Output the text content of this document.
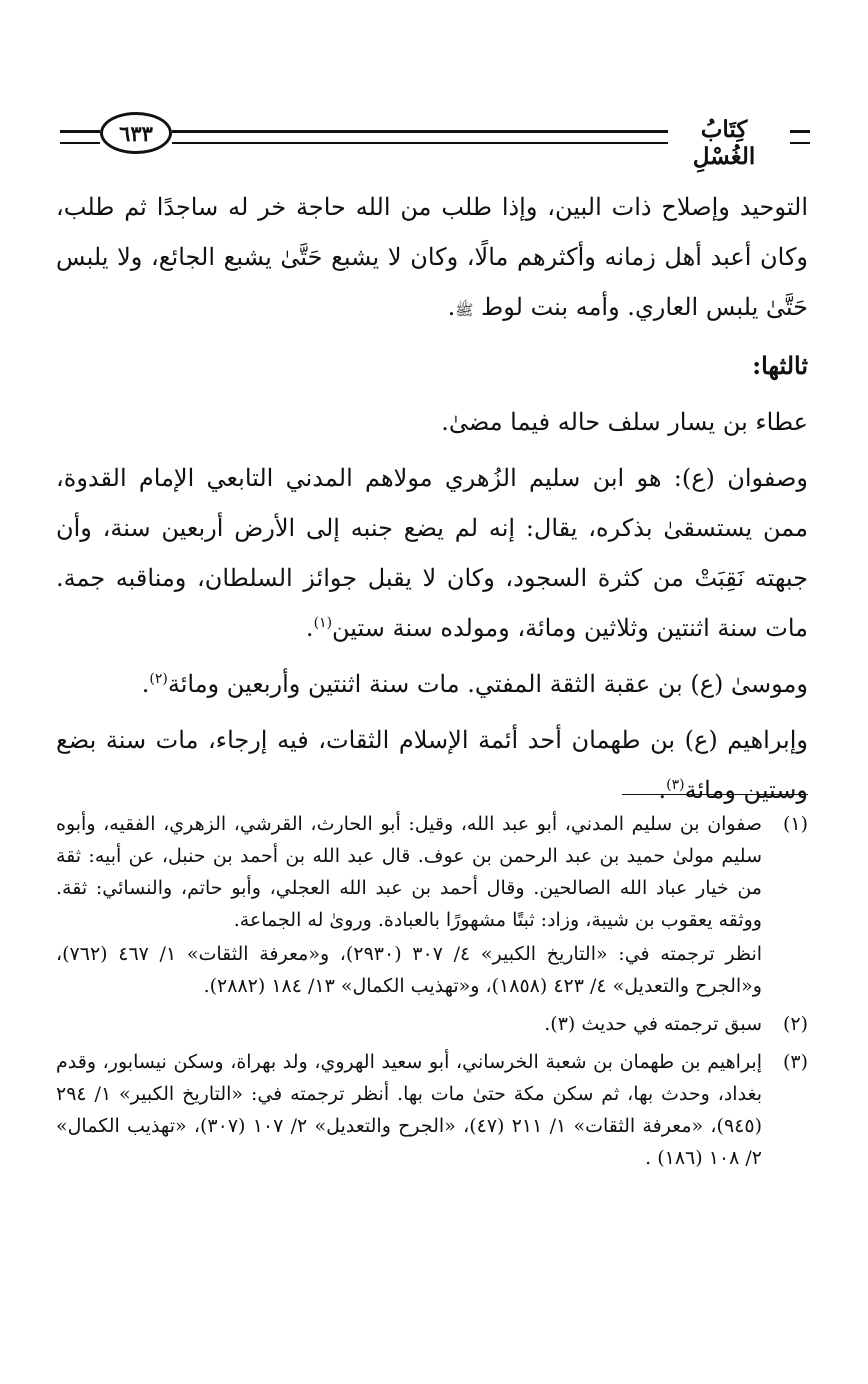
٦٣٣	كِتَابُ الغُسْلِ

التوحيد وإصلاح ذات البين، وإذا طلب من الله حاجة خر له ساجدًا ثم طلب، وكان أعبد أهل زمانه وأكثرهم مالًا، وكان لا يشبع حَتَّىٰ يشبع الجائع، ولا يلبس حَتَّىٰ يلبس العاري. وأمه بنت لوط ﷺ.

ثالثها:

عطاء بن يسار سلف حاله فيما مضىٰ.

وصفوان (ع): هو ابن سليم الزُهري مولاهم المدني التابعي الإمام القدوة، ممن يستسقىٰ بذكره، يقال: إنه لم يضع جنبه إلى الأرض أربعين سنة، وأن جبهته نَقِبَتْ من كثرة السجود، وكان لا يقبل جوائز السلطان، ومناقبه جمة. مات سنة اثنتين وثلاثين ومائة، ومولده سنة ستين$^{(١)}$.

وموسىٰ (ع) بن عقبة الثقة المفتي. مات سنة اثنتين وأربعين ومائة$^{(٢)}$.

وإبراهيم (ع) بن طهمان أحد أئمة الإسلام الثقات، فيه إرجاء، مات سنة بضع وستين ومائة$^{(٣)}$.

(١)

صفوان بن سليم المدني، أبو عبد الله، وقيل: أبو الحارث، القرشي، الزهري، الفقيه، وأبوه سليم مولىٰ حميد بن عبد الرحمن بن عوف. قال عبد الله بن أحمد بن حنبل، عن أبيه: ثقة من خيار عباد الله الصالحين. وقال أحمد بن عبد الله العجلي، وأبو حاتم، والنسائي: ثقة. ووثقه يعقوب بن شيبة، وزاد: ثبتًا مشهورًا بالعبادة. وروىٰ له الجماعة.

انظر ترجمته في: «التاريخ الكبير» ٤/ ٣٠٧ (٢٩٣٠)، و«معرفة الثقات» ١/ ٤٦٧ (٧٦٢)، و«الجرح والتعديل» ٤/ ٤٢٣ (١٨٥٨)، و«تهذيب الكمال» ١٣/ ١٨٤ (٢٨٨٢).

(٢)

سبق ترجمته في حديث (٣).

(٣)

إبراهيم بن طهمان بن شعبة الخرساني، أبو سعيد الهروي، ولد بهراة، وسكن نيسابور، وقدم بغداد، وحدث بها، ثم سكن مكة حتىٰ مات بها. أنظر ترجمته في: «التاريخ الكبير» ١/ ٢٩٤ (٩٤٥)، «معرفة الثقات» ١/ ٢١١ (٤٧)، «الجرح والتعديل» ٢/ ١٠٧ (٣٠٧)، «تهذيب الكمال» ٢/ ١٠٨ (١٨٦) .
